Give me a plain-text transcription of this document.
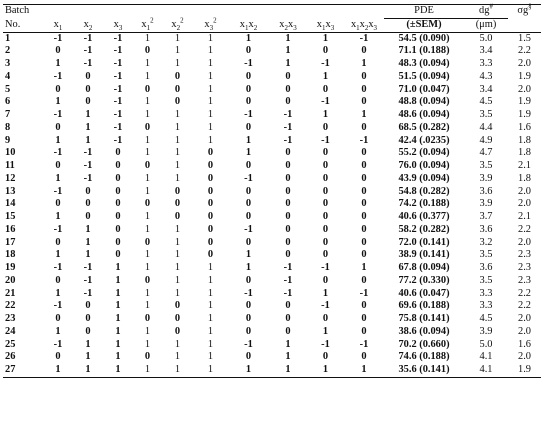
Batch											PDE	dg#	σg§
No.	$x_1$	$x_2$	$x_3$	$x_1^2$	$x_2^2$	$x_3^2$	$x_1x_2$	$x_2x_3$	$x_1x_3$	$x_1x_2x_3$	(±SEM)	(μm)	
1	-1	-1	-1	1	1	1	1	1	1	-1	54.5 (0.090)	5.0	1.5
2	0	-1	-1	0	1	1	0	1	0	0	71.1 (0.188)	3.4	2.2
3	1	-1	-1	1	1	1	-1	1	-1	1	48.3 (0.094)	3.3	2.0
4	-1	0	-1	1	0	1	0	0	1	0	51.5 (0.094)	4.3	1.9
5	0	0	-1	0	0	1	0	0	0	0	71.0 (0.047)	3.4	2.0
6	1	0	-1	1	0	1	0	0	-1	0	48.8 (0.094)	4.5	1.9
7	-1	1	-1	1	1	1	-1	-1	1	1	48.6 (0.094)	3.5	1.9
8	0	1	-1	0	1	1	0	-1	0	0	68.5 (0.282)	4.4	1.6
9	1	1	-1	1	1	1	1	-1	-1	-1	42.4 (.0235)	4.9	1.8
10	-1	-1	0	1	1	0	1	0	0	0	55.2 (0.094)	4.7	1.8
11	0	-1	0	0	1	0	0	0	0	0	76.0 (0.094)	3.5	2.1
12	1	-1	0	1	1	0	-1	0	0	0	43.9 (0.094)	3.9	1.8
13	-1	0	0	1	0	0	0	0	0	0	54.8 (0.282)	3.6	2.0
14	0	0	0	0	0	0	0	0	0	0	74.2 (0.188)	3.9	2.0
15	1	0	0	1	0	0	0	0	0	0	40.6 (0.377)	3.7	2.1
16	-1	1	0	1	1	0	-1	0	0	0	58.2 (0.282)	3.6	2.2
17	0	1	0	0	1	0	0	0	0	0	72.0 (0.141)	3.2	2.0
18	1	1	0	1	1	0	1	0	0	0	38.9 (0.141)	3.5	2.3
19	-1	-1	1	1	1	1	1	-1	-1	1	67.8 (0.094)	3.6	2.3
20	0	-1	1	0	1	1	0	-1	0	0	77.2 (0.330)	3.5	2.3
21	1	-1	1	1	1	1	-1	-1	1	-1	40.6 (0.047)	3.3	2.2
22	-1	0	1	1	0	1	0	0	-1	0	69.6 (0.188)	3.3	2.2
23	0	0	1	0	0	1	0	0	0	0	75.8 (0.141)	4.5	2.0
24	1	0	1	1	0	1	0	0	1	0	38.6 (0.094)	3.9	2.0
25	-1	1	1	1	1	1	-1	1	-1	-1	70.2 (0.660)	5.0	1.6
26	0	1	1	0	1	1	0	1	0	0	74.6 (0.188)	4.1	2.0
27	1	1	1	1	1	1	1	1	1	1	35.6 (0.141)	4.1	1.9
